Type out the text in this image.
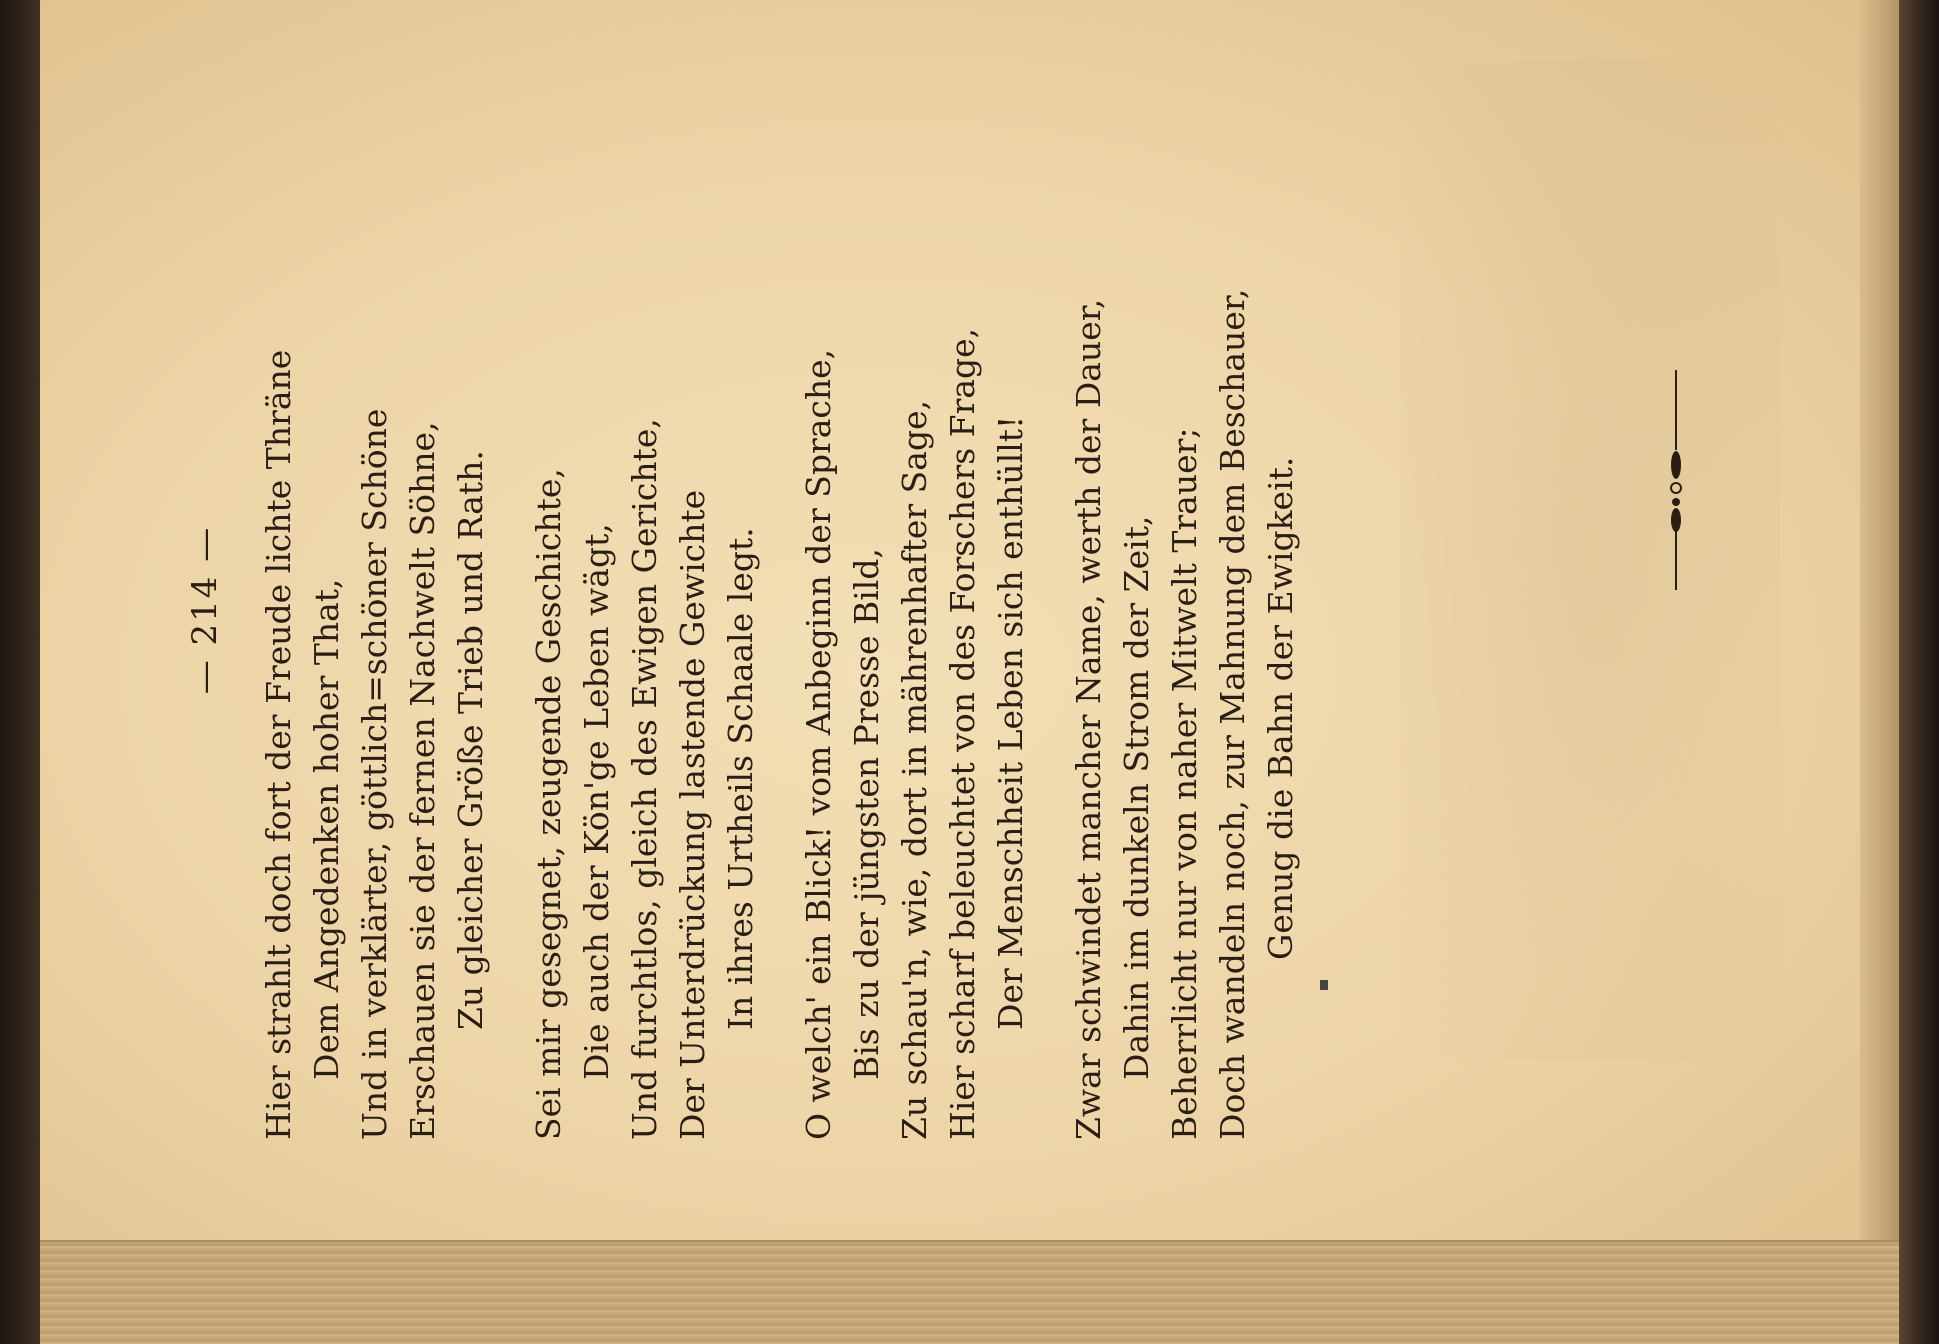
— 214 — Hier strahlt doch fort der Freude lichte Thräne Dem Angedenken hoher That, Und in verklärter, göttlich=schöner Schöne Erschauen sie der fernen Nachwelt Söhne, Zu gleicher Größe Trieb und Rath. Sei mir gesegnet, zeugende Geschichte, Die auch der Kön'ge Leben wägt, Und furchtlos, gleich des Ewigen Gerichte, Der Unterdrückung lastende Gewichte In ihres Urtheils Schaale legt. O welch' ein Blick! vom Anbeginn der Sprache, Bis zu der jüngsten Presse Bild, Zu schau'n, wie, dort in mährenhafter Sage, Hier scharf beleuchtet von des Forschers Frage, Der Menschheit Leben sich enthüllt! Zwar schwindet mancher Name, werth der Dauer, Dahin im dunkeln Strom der Zeit, Beherrlicht nur von naher Mitwelt Trauer; Doch wandeln noch, zur Mahnung dem Beschauer, Genug die Bahn der Ewigkeit.
